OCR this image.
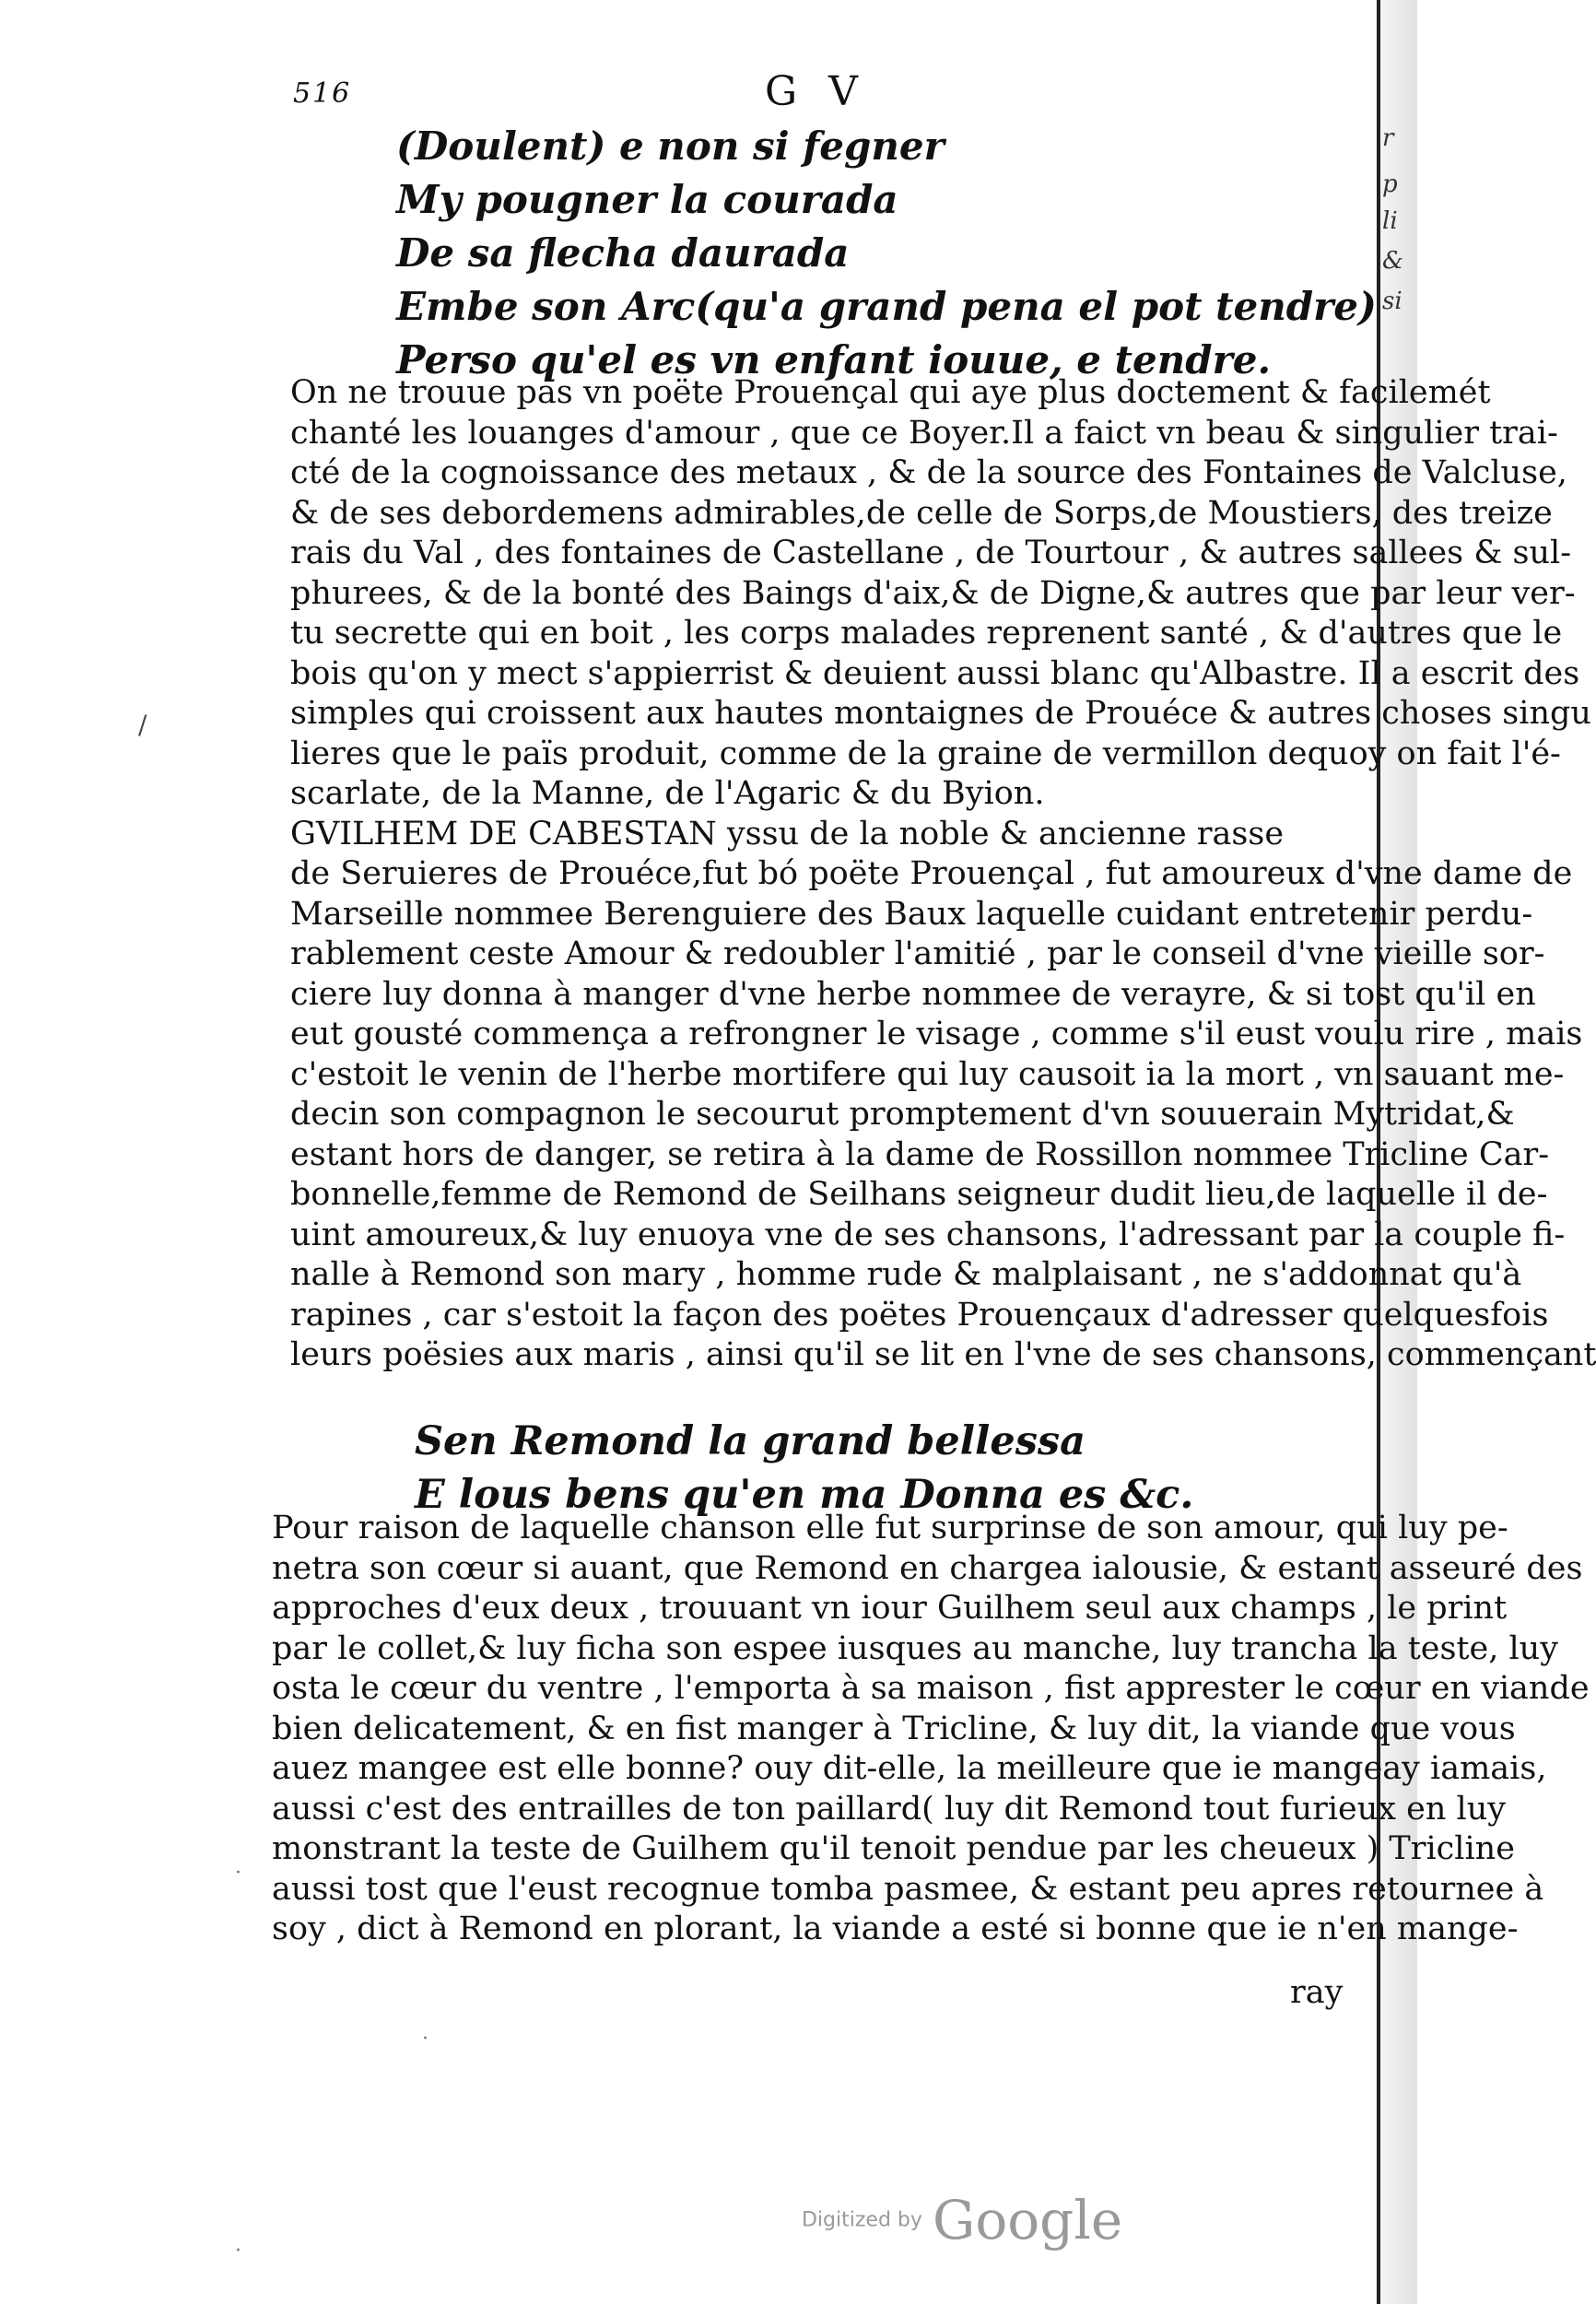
516	G V
(Doulent) e non si fegner
My pougner la courada
De sa flecha daurada
Embe son Arc(qu'a grand pena el pot tendre)
Perso qu'el es vn enfant iouue, e tendre.
On ne trouue pas vn poëte Prouençal qui aye plus doctement & facilemét
chanté les louanges d'amour , que ce Boyer.Il a faict vn beau & singulier trai-
cté de la cognoissance des metaux , & de la source des Fontaines de Valcluse,
& de ses debordemens admirables,de celle de Sorps,de Moustiers, des treize
rais du Val , des fontaines de Castellane , de Tourtour , & autres sallees & sul-
phurees, & de la bonté des Baings d'aix,& de Digne,& autres que par leur ver-
tu secrette qui en boit , les corps malades reprenent santé , & d'autres que le
bois qu'on y mect s'appierrist & deuient aussi blanc qu'Albastre. Il a escrit des
simples qui croissent aux hautes montaignes de Prouéce & autres choses singu
lieres que le païs produit, comme de la graine de vermillon dequoy on fait l'é-
scarlate, de la Manne, de l'Agaric & du Byion.
GVILHEM DE CABESTAN yssu de la noble & ancienne rasse
de Seruieres de Prouéce,fut bó poëte Prouençal , fut amoureux d'vne dame de
Marseille nommee Berenguiere des Baux laquelle cuidant entretenir perdu-
rablement ceste Amour & redoubler l'amitié , par le conseil d'vne vieille sor-
ciere luy donna à manger d'vne herbe nommee de verayre, & si tost qu'il en
eut gousté commença a refrongner le visage , comme s'il eust voulu rire , mais
c'estoit le venin de l'herbe mortifere qui luy causoit ia la mort , vn sauant me-
decin son compagnon le secourut promptement d'vn souuerain Mytridat,&
estant hors de danger, se retira à la dame de Rossillon nommee Tricline Car-
bonnelle,femme de Remond de Seilhans seigneur dudit lieu,de laquelle il de-
uint amoureux,& luy enuoya vne de ses chansons, l'adressant par la couple fi-
nalle à Remond son mary , homme rude & malplaisant , ne s'addonnat qu'à
rapines , car s'estoit la façon des poëtes Prouençaux d'adresser quelquesfois
leurs poësies aux maris , ainsi qu'il se lit en l'vne de ses chansons, commençant
Sen Remond la grand bellessa
E lous bens qu'en ma Donna es &c.
Pour raison de laquelle chanson elle fut surprinse de son amour, qui luy pe-
netra son cœur si auant, que Remond en chargea ialousie, & estant asseuré des
approches d'eux deux , trouuant vn iour Guilhem seul aux champs , le print
par le collet,& luy ficha son espee iusques au manche, luy trancha la teste, luy
osta le cœur du ventre , l'emporta à sa maison , fist apprester le cœur en viande
bien delicatement, & en fist manger à Tricline, & luy dit, la viande que vous
auez mangee est elle bonne? ouy dit-elle, la meilleure que ie mangeay iamais,
aussi c'est des entrailles de ton paillard( luy dit Remond tout furieux en luy
monstrant la teste de Guilhem qu'il tenoit pendue par les cheueux ) Tricline
aussi tost que l'eust recognue tomba pasmee, & estant peu apres retournee à
soy , dict à Remond en plorant, la viande a esté si bonne que ie n'en mange-
ray
r
p
li
&
si
/
·
·
·
Digitized by Google
